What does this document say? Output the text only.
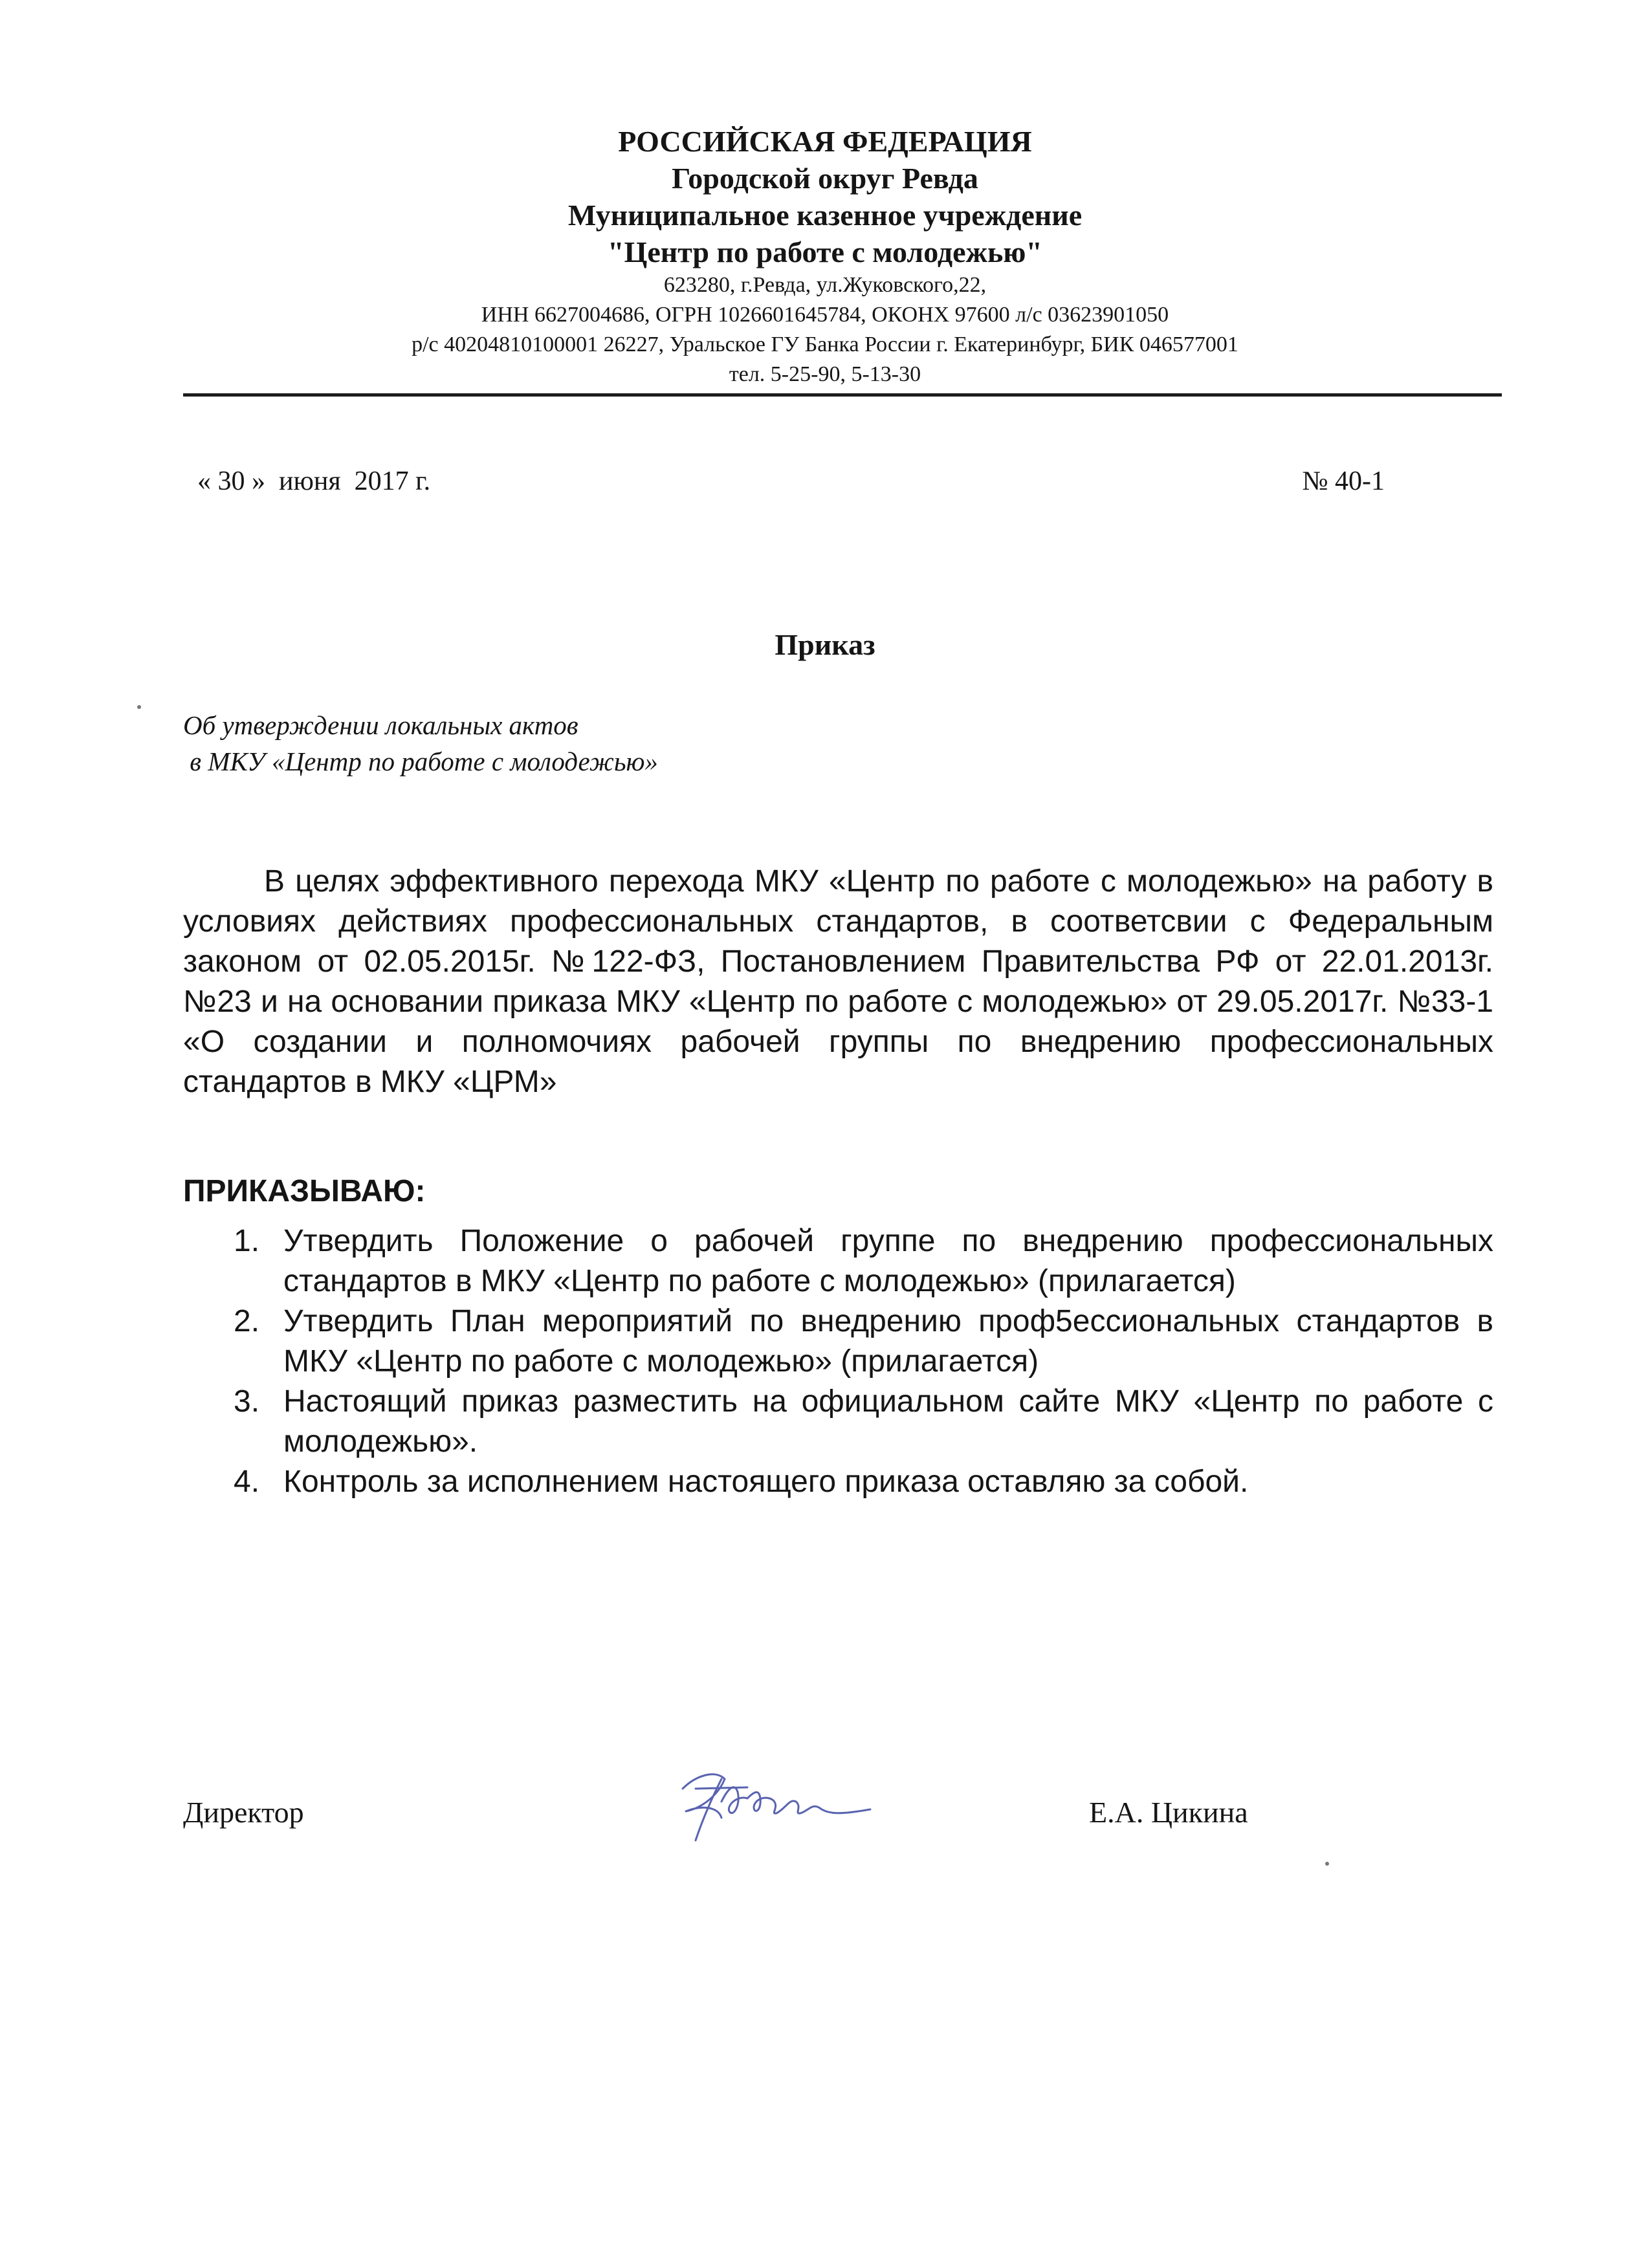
РОССИЙСКАЯ ФЕДЕРАЦИЯ
Городской округ Ревда
Муниципальное казенное учреждение
"Центр по работе с молодежью"
623280, г.Ревда, ул.Жуковского,22,
ИНН 6627004686, ОГРН 1026601645784, ОКОНХ 97600 л/с 03623901050
р/с 40204810100001 26227, Уральское ГУ Банка России г. Екатеринбург, БИК 046577001
тел. 5-25-90, 5-13-30
« 30 »  июня  2017 г.	№ 40-1
Приказ
Об утверждении локальных актов
в МКУ «Центр по работе с молодежью»

В целях эффективного перехода МКУ «Центр по работе с молодежью» на работу в условиях действиях профессиональных стандартов, в соответсвии с Федеральным законом от 02.05.2015г. №122-ФЗ, Постановлением Правительства РФ от 22.01.2013г. №23 и на основании приказа МКУ «Центр по работе с молодежью» от 29.05.2017г. №33-1 «О создании и полномочиях рабочей группы по внедрению профессиональных стандартов в МКУ «ЦРМ»

ПРИКАЗЫВАЮ:
1. Утвердить Положение о рабочей группе по внедрению профессиональных стандартов в МКУ «Центр по работе с молодежью» (прилагается)
2. Утвердить План мероприятий по внедрению проф5ессиональных стандартов в МКУ «Центр по работе с молодежью» (прилагается)
3. Настоящий приказ разместить на официальном сайте МКУ «Центр по работе с молодежью».
4. Контроль за исполнением настоящего приказа оставляю за собой.
Директор	Е.А. Цикина
